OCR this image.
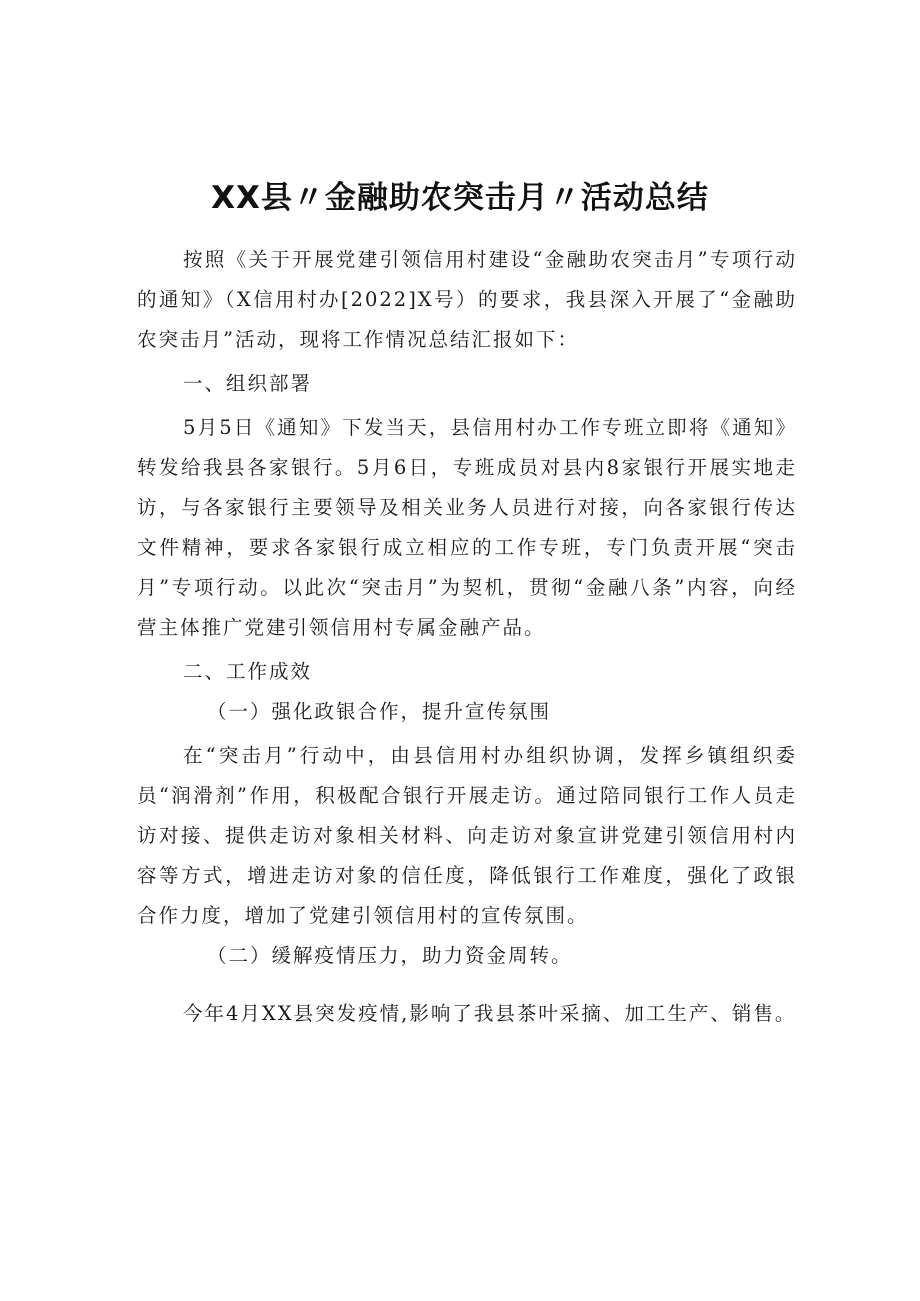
XX县〃金融助农突击月〃活动总结

按照《关于开展党建引领信用村建设“金融助农突击月”专项行动的通知》（X信用村办[2022]X号）的要求，我县深入开展了“金融助农突击月”活动，现将工作情况总结汇报如下：

一、组织部署

5月5日《通知》下发当天，县信用村办工作专班立即将《通知》转发给我县各家银行。5月6日，专班成员对县内8家银行开展实地走访，与各家银行主要领导及相关业务人员进行对接，向各家银行传达文件精神，要求各家银行成立相应的工作专班，专门负责开展“突击月”专项行动。以此次“突击月”为契机，贯彻“金融八条”内容，向经营主体推广党建引领信用村专属金融产品。

二、工作成效

（一）强化政银合作，提升宣传氛围

在“突击月”行动中，由县信用村办组织协调，发挥乡镇组织委员“润滑剂”作用，积极配合银行开展走访。通过陪同银行工作人员走访对接、提供走访对象相关材料、向走访对象宣讲党建引领信用村内容等方式，增进走访对象的信任度，降低银行工作难度，强化了政银合作力度，增加了党建引领信用村的宣传氛围。

（二）缓解疫情压力，助力资金周转。

今年4月XX县突发疫情,影响了我县茶叶采摘、加工生产、销售。
